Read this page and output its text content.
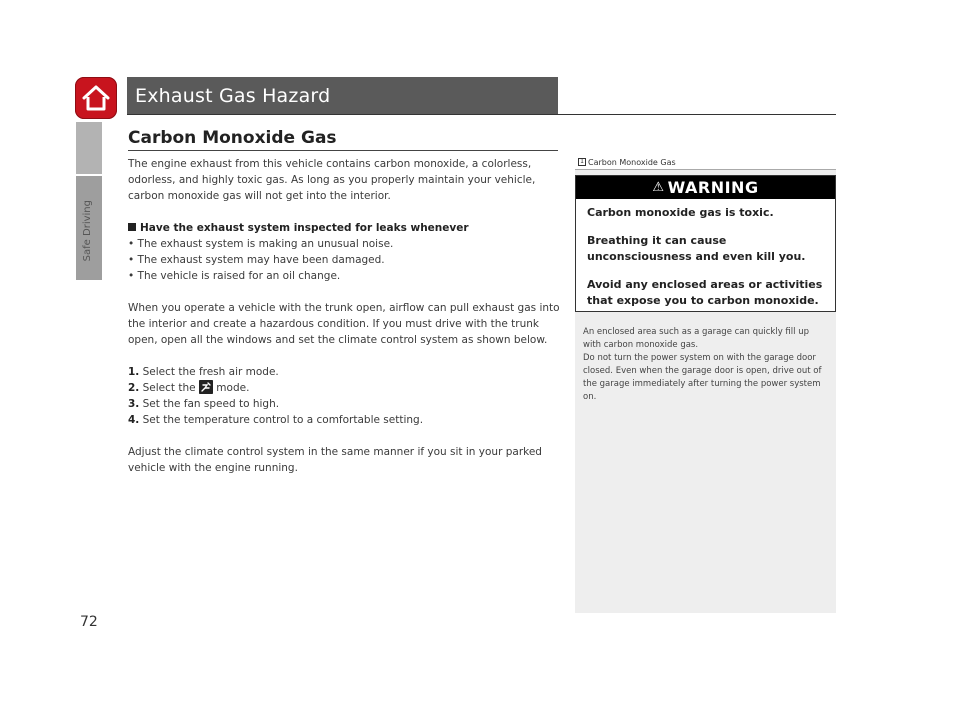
Safe Driving
72
Exhaust Gas Hazard
Carbon Monoxide Gas

The engine exhaust from this vehicle contains carbon monoxide, a colorless, odorless, and highly toxic gas. As long as you properly maintain your vehicle, carbon monoxide gas will not get into the interior.

Have the exhaust system inspected for leaks whenever
• The exhaust system is making an unusual noise.
• The exhaust system may have been damaged.
• The vehicle is raised for an oil change.

When you operate a vehicle with the trunk open, airflow can pull exhaust gas into the interior and create a hazardous condition. If you must drive with the trunk open, open all the windows and set the climate control system as shown below.

1. Select the fresh air mode.
2. Select the mode.
3. Set the fan speed to high.
4. Set the temperature control to a comfortable setting.

Adjust the climate control system in the same manner if you sit in your parked vehicle with the engine running.

1 Carbon Monoxide Gas
⚠ WARNING

Carbon monoxide gas is toxic.

Breathing it can cause unconsciousness and even kill you.

Avoid any enclosed areas or activities that expose you to carbon monoxide.

An enclosed area such as a garage can quickly fill up with carbon monoxide gas.

Do not turn the power system on with the garage door closed. Even when the garage door is open, drive out of the garage immediately after turning the power system on.
